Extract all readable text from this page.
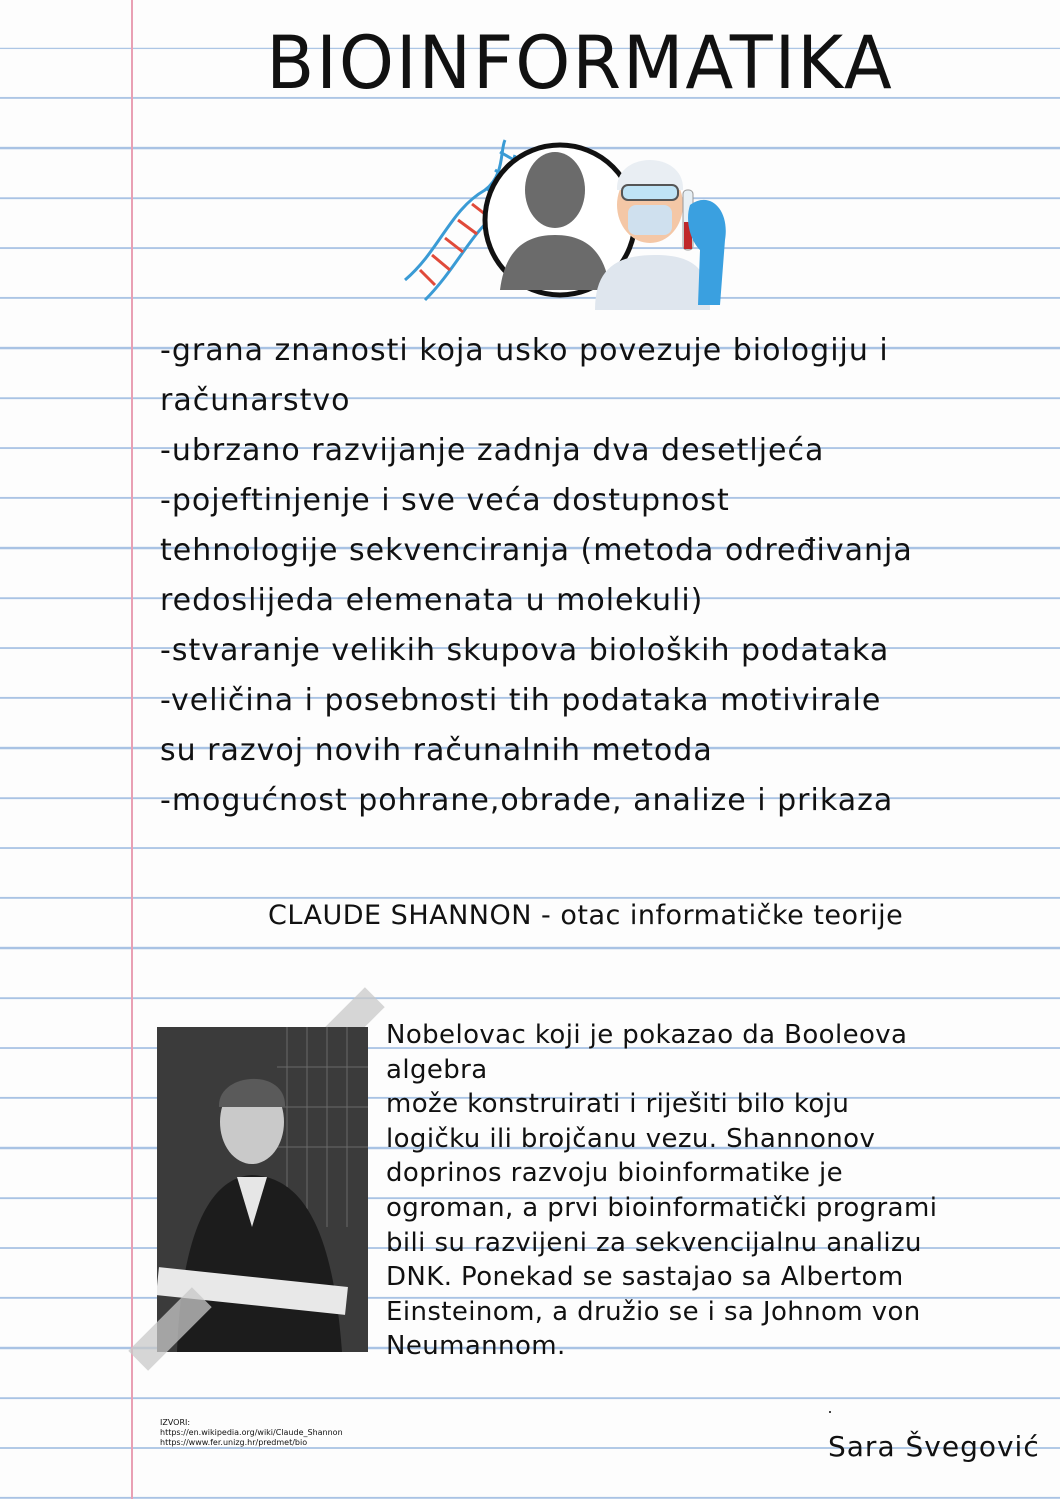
BIOINFORMATIKA
-grana znanosti koja usko povezuje biologiju i
računarstvo
-ubrzano razvijanje zadnja dva desetljeća
-pojeftinjenje i sve veća dostupnost
tehnologije sekvenciranja (metoda određivanja
redoslijeda elemenata u molekuli)
-stvaranje velikih skupova bioloških podataka
-veličina i posebnosti tih podataka motivirale
su razvoj novih računalnih metoda
-mogućnost pohrane,obrade, analize i prikaza
CLAUDE SHANNON - otac informatičke teorije
Nobelovac koji je pokazao da Booleova
algebra
može konstruirati i riješiti bilo koju
logičku ili brojčanu vezu. Shannonov
doprinos razvoju bioinformatike je
ogroman, a prvi bioinformatički programi
bili su razvijeni za sekvencijalnu analizu
DNK. Ponekad se sastajao sa Albertom
Einsteinom, a družio se i sa Johnom von
Neumannom.
IZVORI:
https://en.wikipedia.org/wiki/Claude_Shannon
https://www.fer.unizg.hr/predmet/bio	Sara Švegović
